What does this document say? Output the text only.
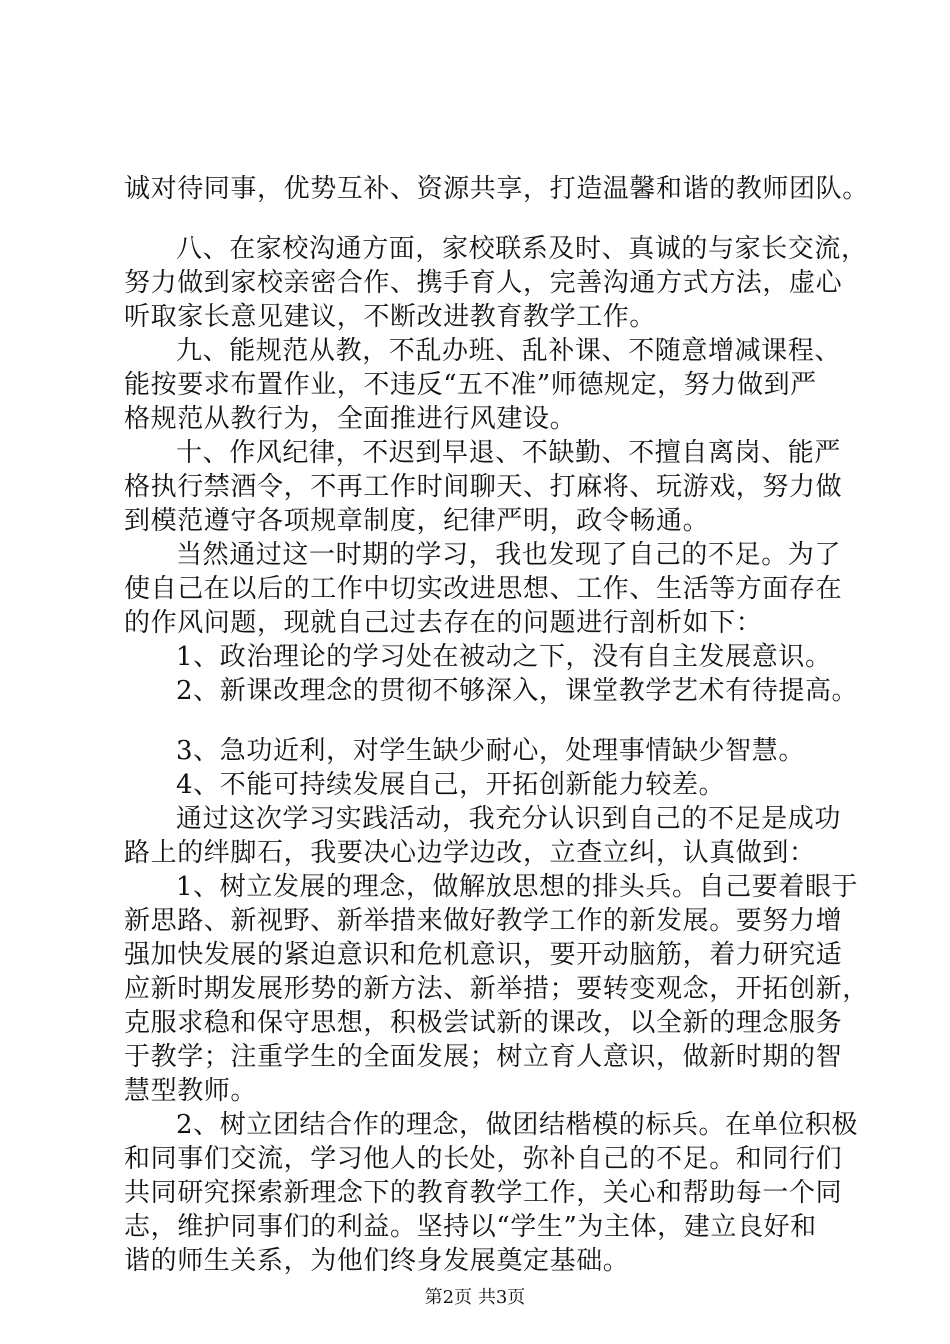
诚对待同事，优势互补、资源共享，打造温馨和谐的教师团队。
八、在家校沟通方面，家校联系及时、真诚的与家长交流，
努力做到家校亲密合作、携手育人，完善沟通方式方法，虚心
听取家长意见建议，不断改进教育教学工作。
九、能规范从教，不乱办班、乱补课、不随意增减课程、
能按要求布置作业，不违反“五不准”师德规定，努力做到严
格规范从教行为，全面推进行风建设。
十、作风纪律，不迟到早退、不缺勤、不擅自离岗、能严
格执行禁酒令，不再工作时间聊天、打麻将、玩游戏，努力做
到模范遵守各项规章制度，纪律严明，政令畅通。
当然通过这一时期的学习，我也发现了自己的不足。为了
使自己在以后的工作中切实改进思想、工作、生活等方面存在
的作风问题，现就自己过去存在的问题进行剖析如下：
1、政治理论的学习处在被动之下，没有自主发展意识。
2、新课改理念的贯彻不够深入，课堂教学艺术有待提高。
3、急功近利，对学生缺少耐心，处理事情缺少智慧。
4、不能可持续发展自己，开拓创新能力较差。
通过这次学习实践活动，我充分认识到自己的不足是成功
路上的绊脚石，我要决心边学边改，立查立纠，认真做到：
1、树立发展的理念，做解放思想的排头兵。自己要着眼于
新思路、新视野、新举措来做好教学工作的新发展。要努力增
强加快发展的紧迫意识和危机意识，要开动脑筋，着力研究适
应新时期发展形势的新方法、新举措；要转变观念，开拓创新，
克服求稳和保守思想，积极尝试新的课改，以全新的理念服务
于教学；注重学生的全面发展；树立育人意识，做新时期的智
慧型教师。
2、树立团结合作的理念，做团结楷模的标兵。在单位积极
和同事们交流，学习他人的长处，弥补自己的不足。和同行们
共同研究探索新理念下的教育教学工作，关心和帮助每一个同
志，维护同事们的利益。坚持以“学生”为主体，建立良好和
谐的师生关系，为他们终身发展奠定基础。
第2页 共3页
